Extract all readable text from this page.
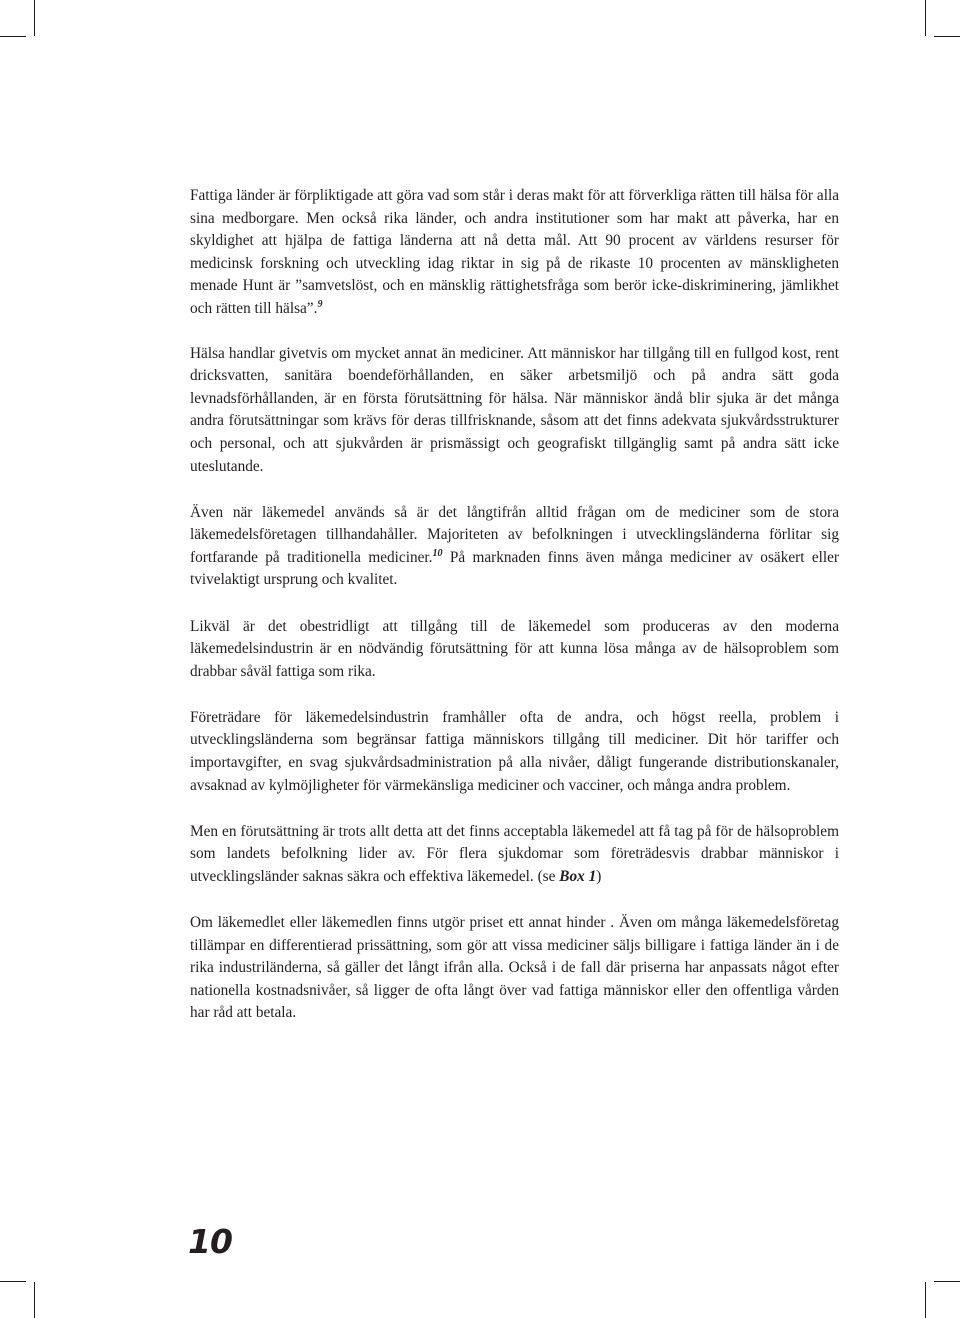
Fattiga länder är förpliktigade att göra vad som står i deras makt för att förverkliga rätten till hälsa för alla sina medborgare. Men också rika länder, och andra institutioner som har makt att påverka, har en skyldighet att hjälpa de fattiga länderna att nå detta mål. Att 90 procent av världens resurser för medicinsk forskning och utveckling idag riktar in sig på de rikaste 10 procenten av mänskligheten menade Hunt är ”samvetslöst, och en mänsklig rättighetsfråga som berör icke-diskriminering, jämlikhet och rätten till hälsa”.$^9$

Hälsa handlar givetvis om mycket annat än mediciner. Att människor har tillgång till en fullgod kost, rent dricksvatten, sanitära boendeförhållanden, en säker arbetsmiljö och på andra sätt goda levnadsförhållanden, är en första förutsättning för hälsa. När människor ändå blir sjuka är det många andra förutsättningar som krävs för deras tillfrisknande, såsom att det finns adekvata sjukvårdsstrukturer och personal, och att sjukvården är prismässigt och geografiskt tillgänglig samt på andra sätt icke uteslutande.

Även när läkemedel används så är det långtifrån alltid frågan om de mediciner som de stora läkemedelsföretagen tillhandahåller. Majoriteten av befolkningen i utvecklingsländerna förlitar sig fortfarande på traditionella mediciner.$^{10}$ På marknaden finns även många mediciner av osäkert eller tvivelaktigt ursprung och kvalitet.

Likväl är det obestridligt att tillgång till de läkemedel som produceras av den moderna läkemedelsindustrin är en nödvändig förutsättning för att kunna lösa många av de hälsoproblem som drabbar såväl fattiga som rika.

Företrädare för läkemedelsindustrin framhåller ofta de andra, och högst reella, problem i utvecklingsländerna som begränsar fattiga människors tillgång till mediciner. Dit hör tariffer och importavgifter, en svag sjukvårdsadministration på alla nivåer, dåligt fungerande distributionskanaler, avsaknad av kylmöjligheter för värmekänsliga mediciner och vacciner, och många andra problem.

Men en förutsättning är trots allt detta att det finns acceptabla läkemedel att få tag på för de hälsoproblem som landets befolkning lider av. För flera sjukdomar som företrädesvis drabbar människor i utvecklingsländer saknas säkra och effektiva läkemedel. (se Box 1)

Om läkemedlet eller läkemedlen finns utgör priset ett annat hinder . Även om många läkemedelsföretag tillämpar en differentierad prissättning, som gör att vissa mediciner säljs billigare i fattiga länder än i de rika industriländerna, så gäller det långt ifrån alla. Också i de fall där priserna har anpassats något efter nationella kostnadsnivåer, så ligger de ofta långt över vad fattiga människor eller den offentliga vården har råd att betala.

10
